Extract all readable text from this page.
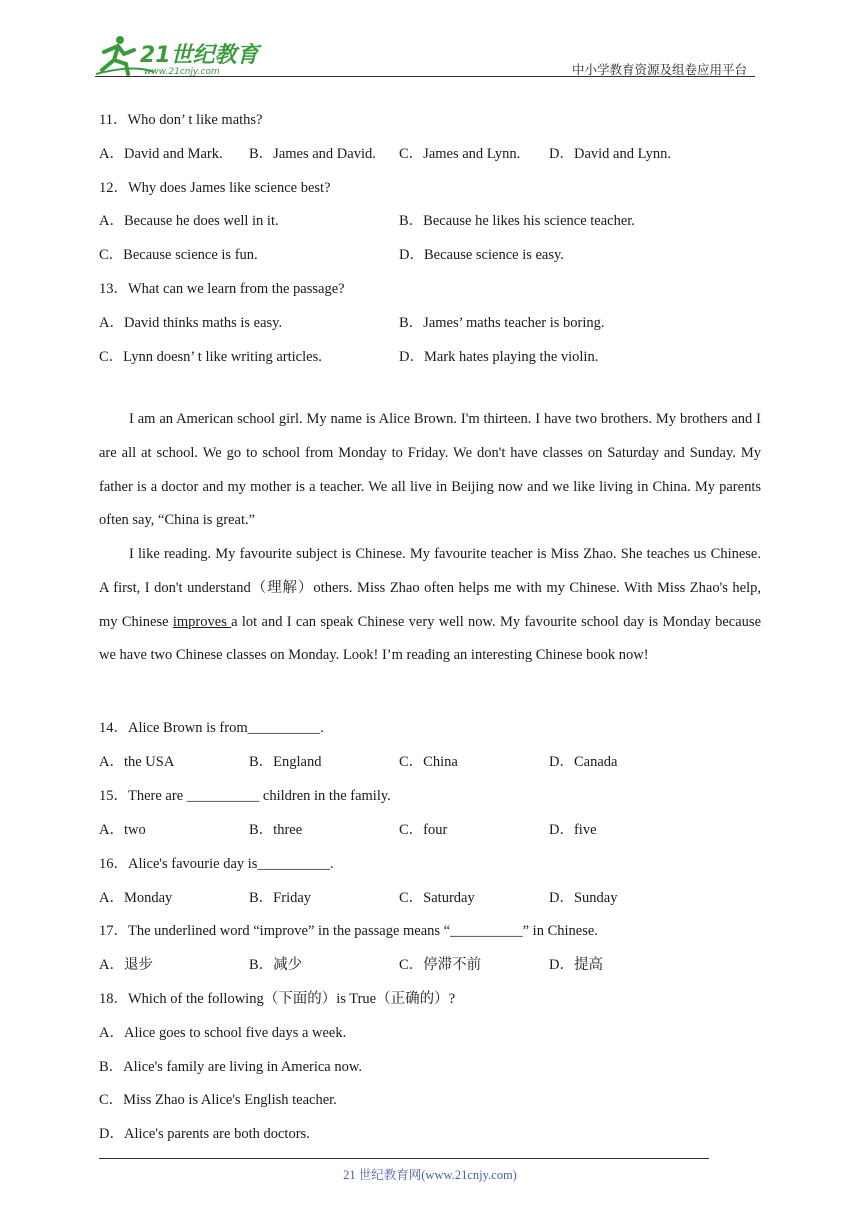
21世纪教育
www.21cnjy.com	中小学教育资源及组卷应用平台
11．Who don’ t like maths?
A．David and Mark. B．James and David. C．James and Lynn. D．David and Lynn.
12．Why does James like science best?
A．Because he does well in it.	B．Because he likes his science teacher.
C．Because science is fun.	D．Because science is easy.
13．What can we learn from the passage?
A．David thinks maths is easy.	B．James’ maths teacher is boring.
C．Lynn doesn’ t like writing articles.	D．Mark hates playing the violin.
I am an American school girl. My name is Alice Brown. I'm thirteen. I have two brothers. My brothers and I are all at school. We go to school from Monday to Friday. We don't have classes on Saturday and Sunday. My father is a doctor and my mother is a teacher. We all live in Beijing now and we like living in China. My parents often say, “China is great.”
I like reading. My favourite subject is Chinese. My favourite teacher is Miss Zhao. She teaches us Chinese. A first, I don't understand（理解）others. Miss Zhao often helps me with my Chinese. With Miss Zhao's help, my Chinese improves a lot and I can speak Chinese very well now. My favourite school day is Monday because we have two Chinese classes on Monday. Look! I’m reading an interesting Chinese book now!
14．Alice Brown is from__________.
A．the USA	B．England	C．China	D．Canada
15．There are __________ children in the family.
A．two	B．three	C．four	D．five
16．Alice's favourie day is__________.
A．Monday	B．Friday	C．Saturday	D．Sunday
17．The underlined word “improve” in the passage means “__________” in Chinese.
A．退步	B．减少	C．停滞不前	D．提高
18．Which of the following（下面的）is True（正确的）?
A．Alice goes to school five days a week.
B．Alice's family are living in America now.
C．Miss Zhao is Alice's English teacher.
D．Alice's parents are both doctors.
21 世纪教育网(www.21cnjy.com)
